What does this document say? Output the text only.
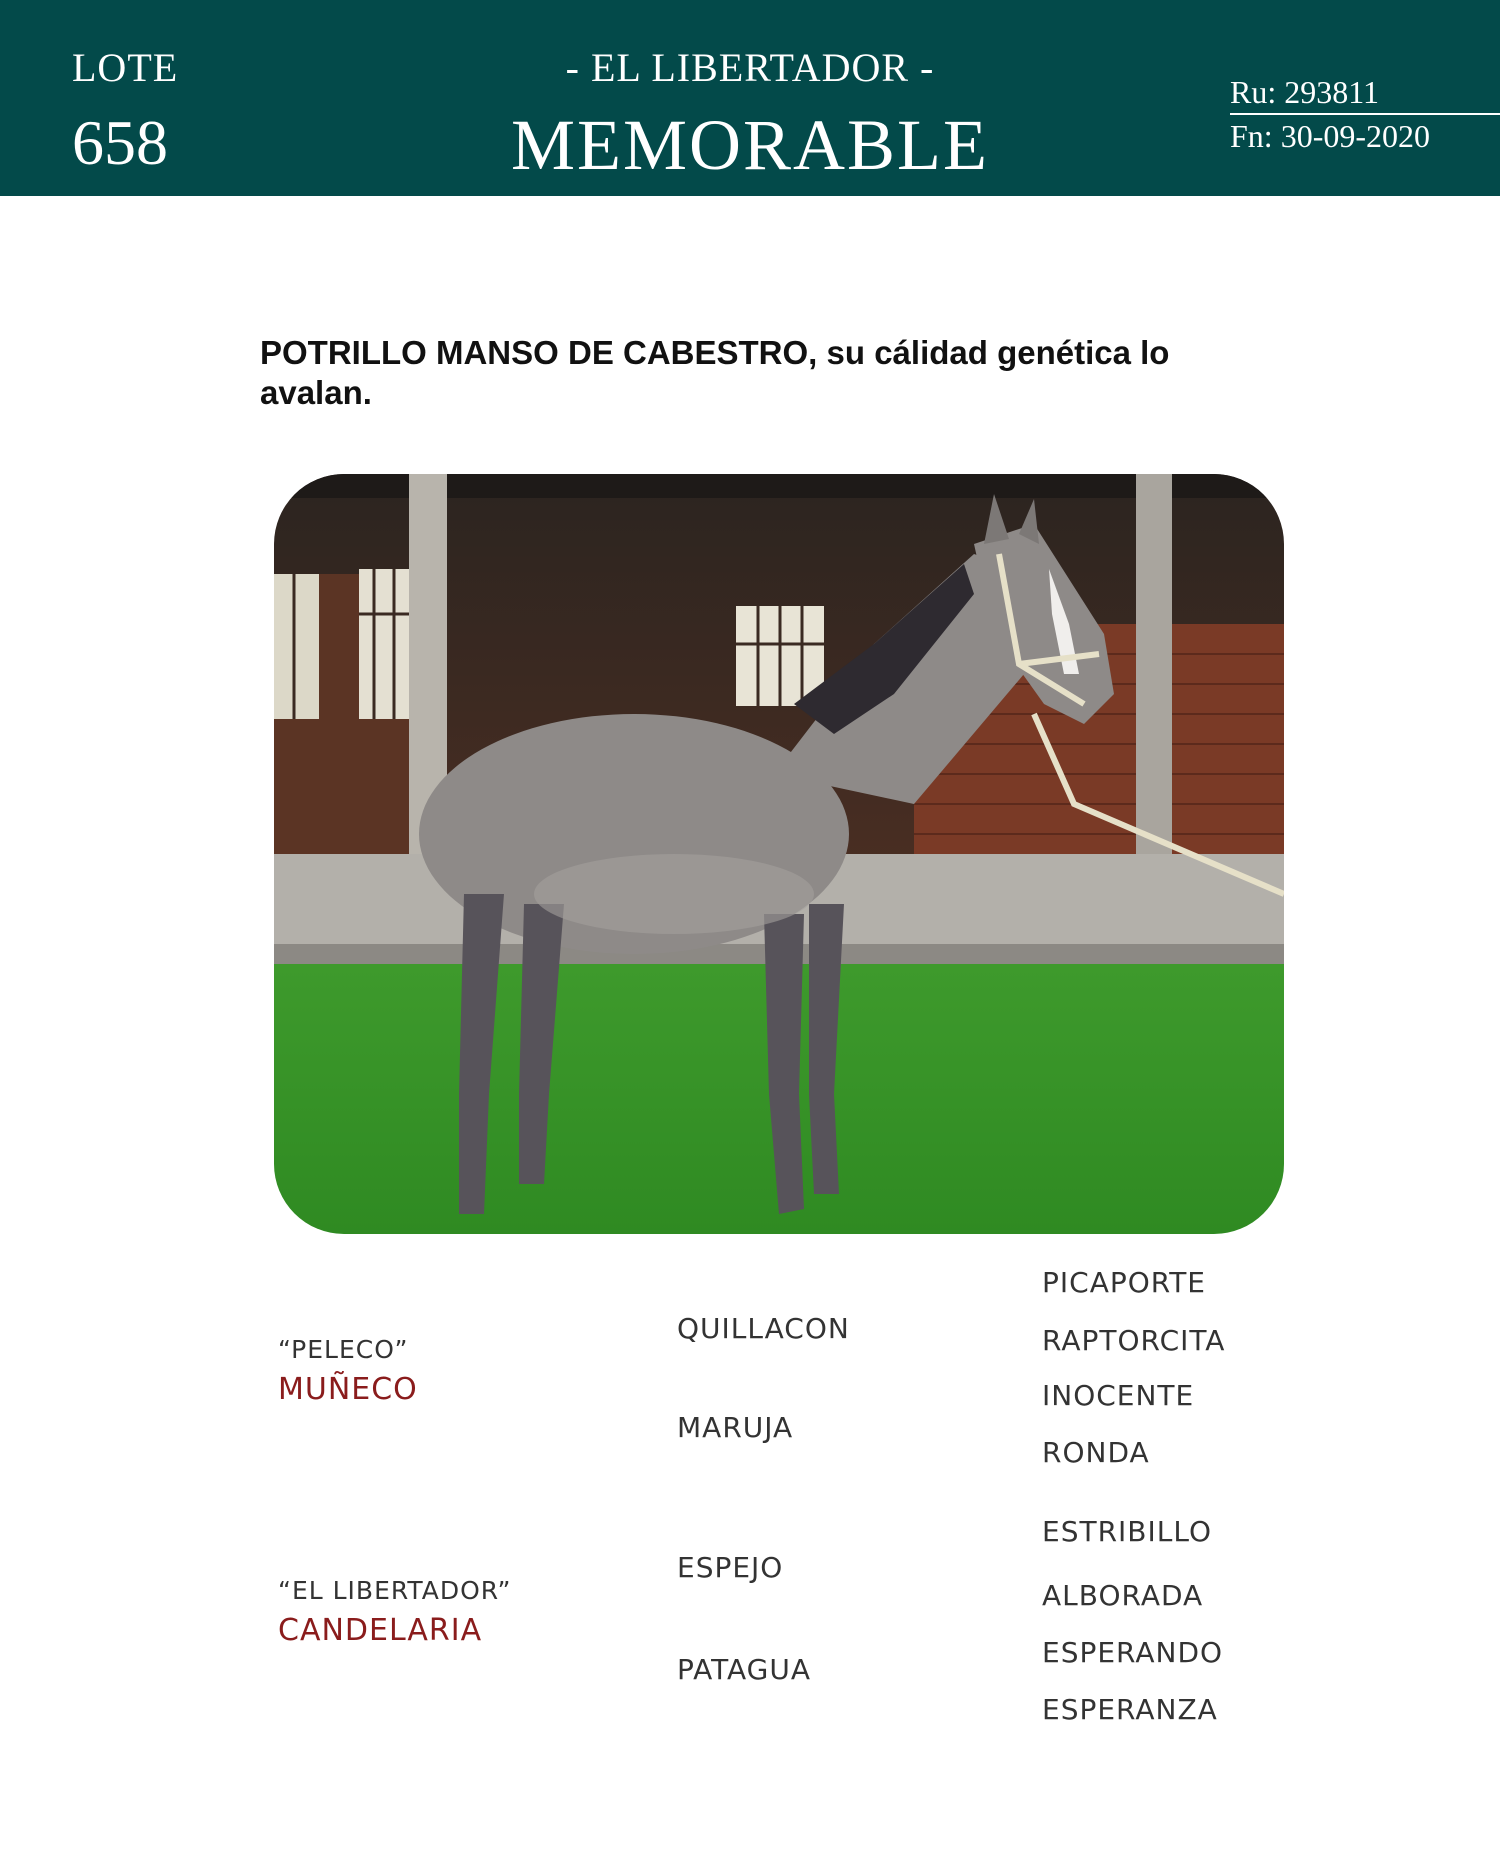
LOTE
658
- EL LIBERTADOR -
MEMORABLE
Ru: 293811
Fn: 30-09-2020
POTRILLO MANSO DE CABESTRO, su cálidad genética lo avalan.
“PELECO”
MUÑECO
QUILLACON
MARUJA
PICAPORTE
RAPTORCITA
INOCENTE
RONDA
“EL LIBERTADOR”
CANDELARIA
ESPEJO
PATAGUA
ESTRIBILLO
ALBORADA
ESPERANDO
ESPERANZA
